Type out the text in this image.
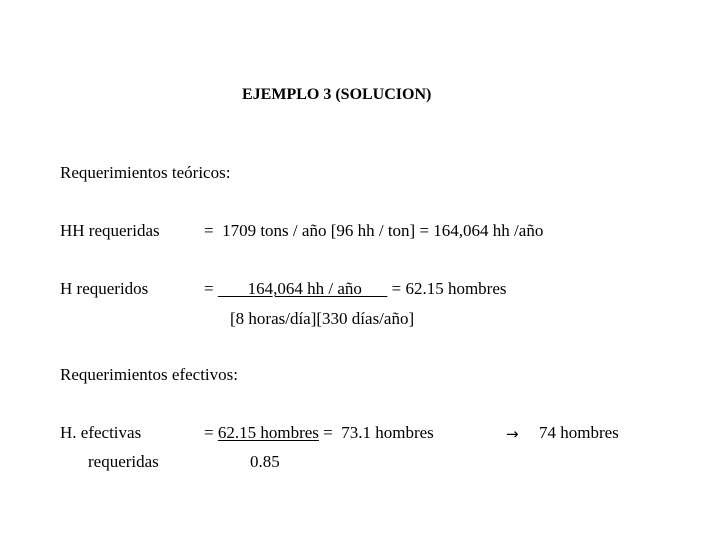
EJEMPLO 3 (SOLUCION)
Requerimientos teóricos:
HH requeridas	=  1709 tons / año [96 hh / ton] = 164,064 hh /año
H requeridos	=        164,064 hh / año       = 62.15 hombres
[8 horas/día][330 días/año]
Requerimientos efectivos:
H. efectivas
requeridas
= 62.15 hombres =  73.1 hombres	→ 74 hombres
0.85
